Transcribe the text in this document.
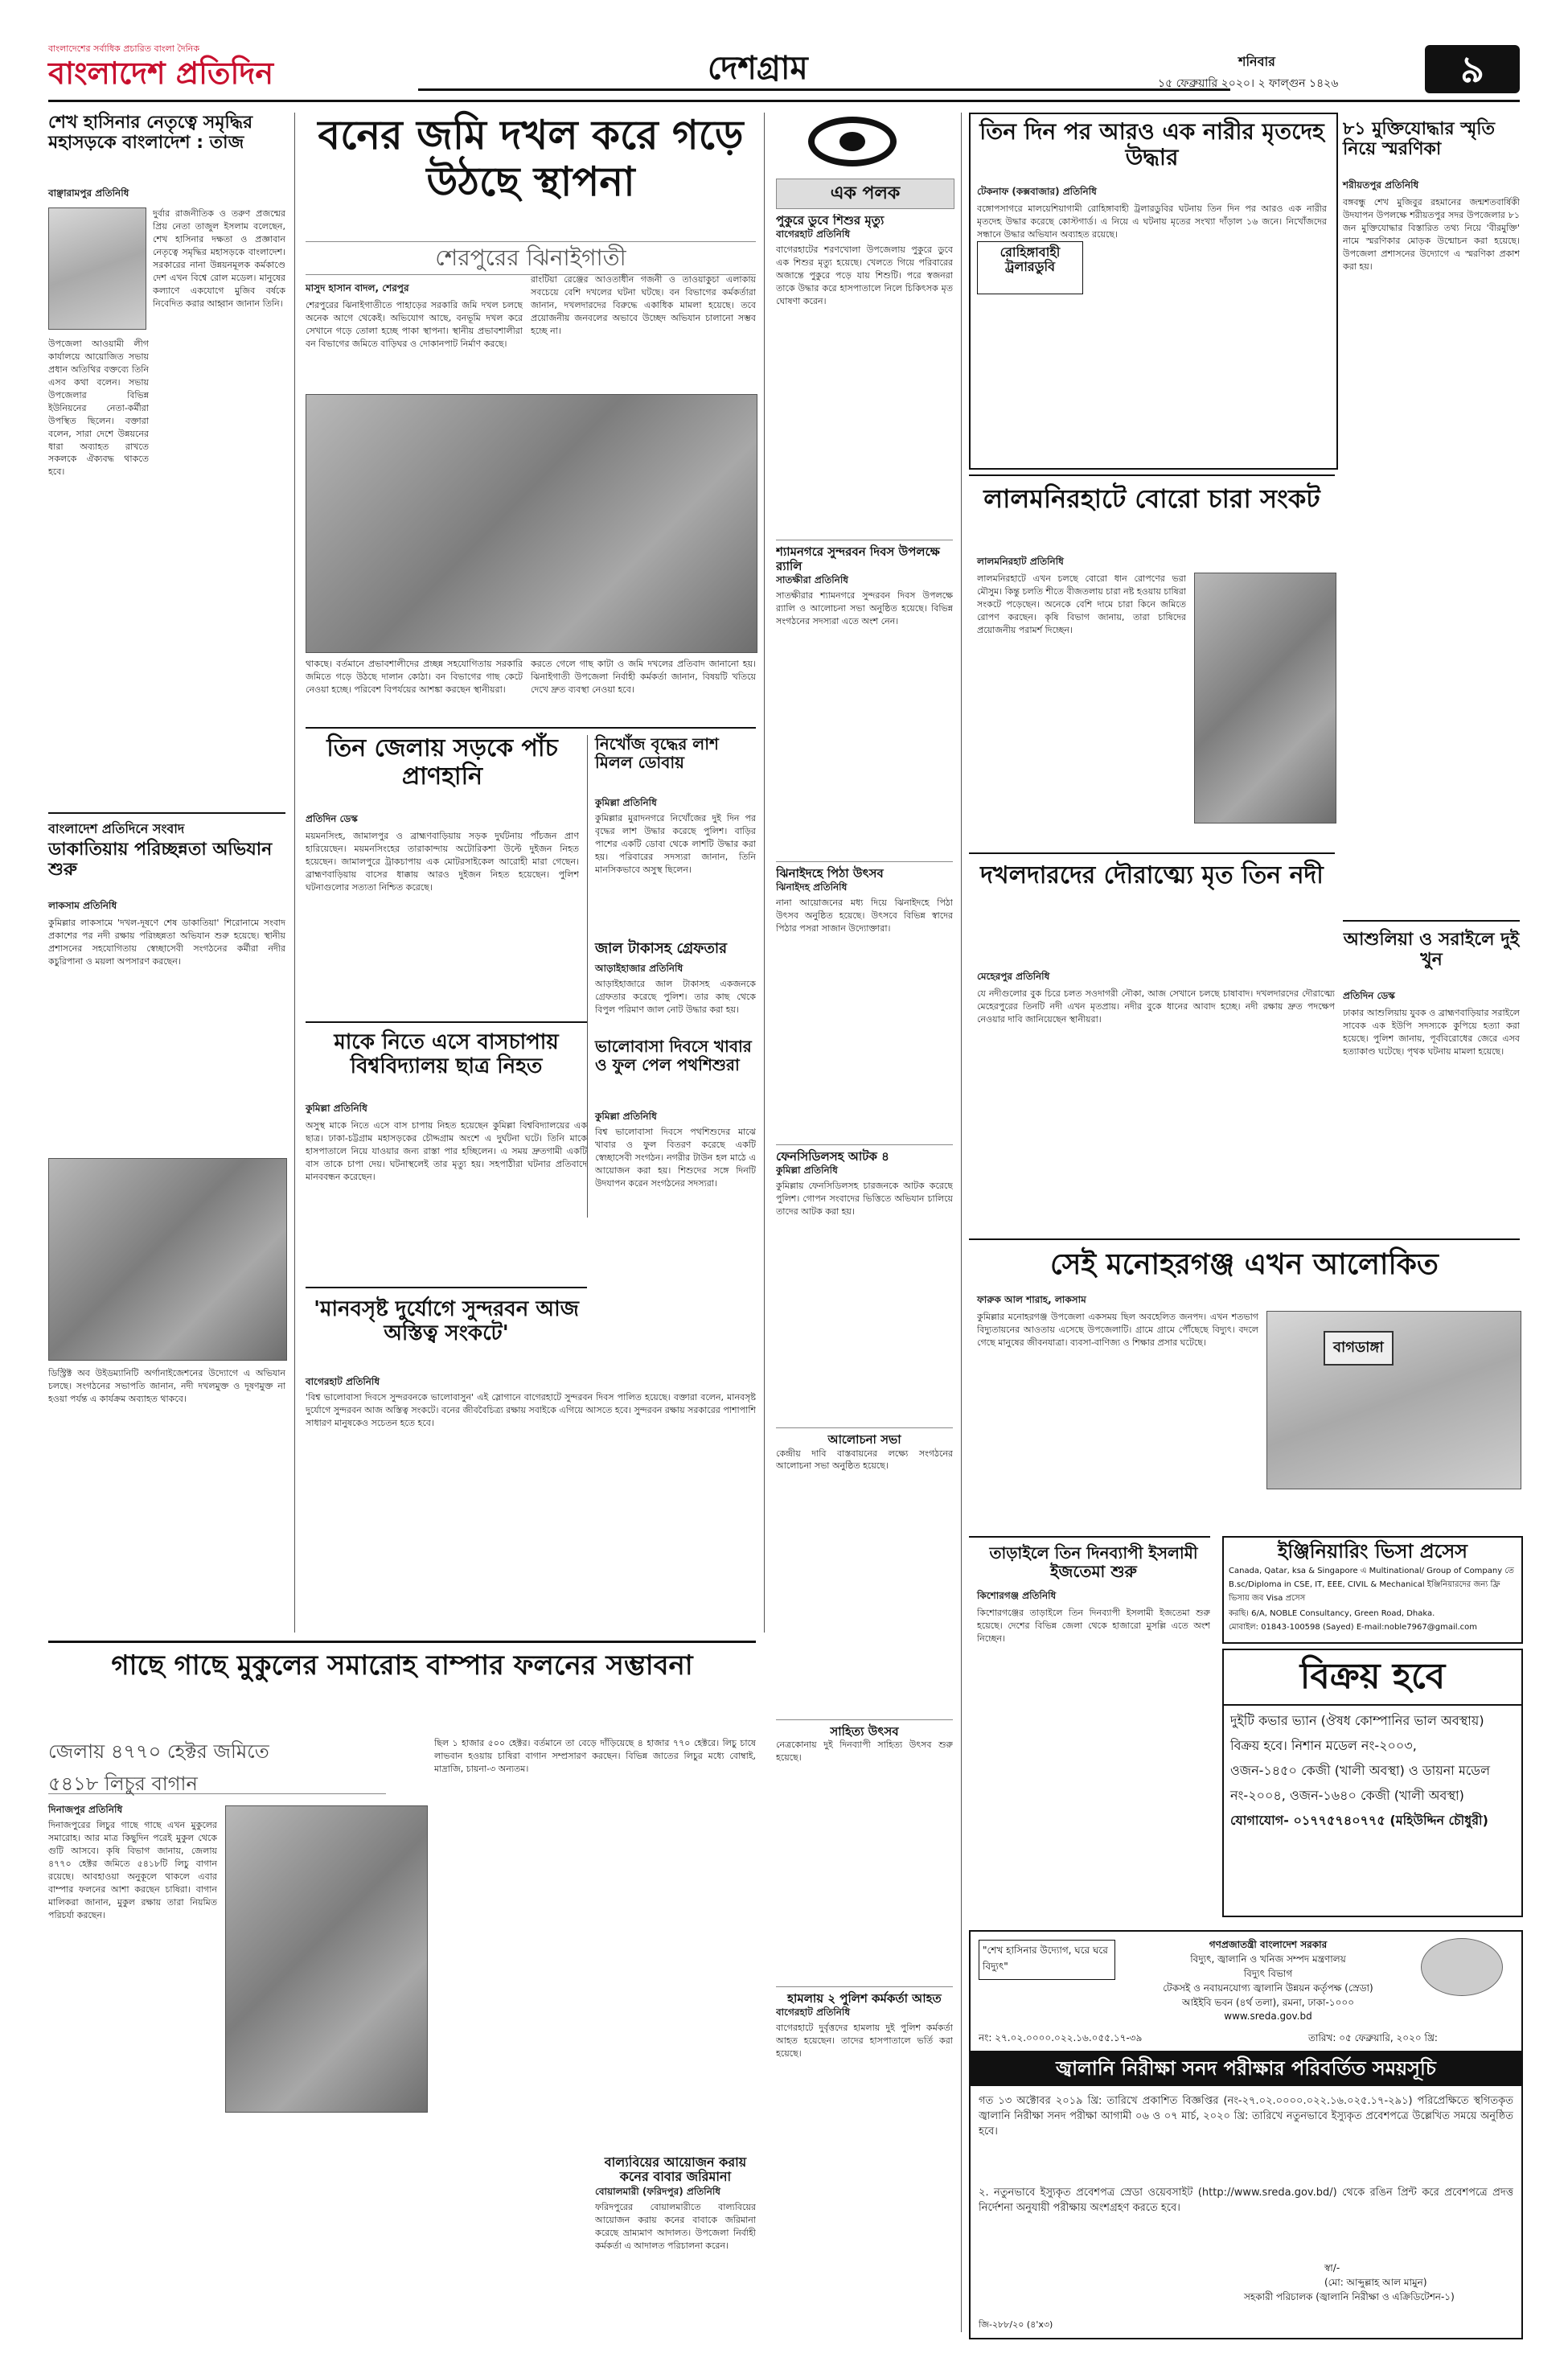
বাংলাদেশের সর্বাধিক প্রচারিত বাংলা দৈনিক
বাংলাদেশ প্রতিদিন	দেশগ্রাম	শনিবার
১৫ ফেব্রুয়ারি ২০২০। ২ ফাল্গুন ১৪২৬	৯
শেখ হাসিনার নেতৃত্বে সমৃদ্ধির মহাসড়কে বাংলাদেশ : তাজ
বাঞ্ছারামপুর প্রতিনিধি
দুর্বার রাজনীতিক ও তরুণ প্রজন্মের প্রিয় নেতা তাজুল ইসলাম বলেছেন, শেখ হাসিনার দক্ষতা ও প্রজ্ঞাবান নেতৃত্বে সমৃদ্ধির মহাসড়কে বাংলাদেশ। সরকারের নানা উন্নয়নমূলক কর্মকাণ্ডে দেশ এখন বিশ্বে রোল মডেল। মানুষের কল্যাণে একযোগে মুজিব বর্ষকে নিবেদিত করার আহ্বান জানান তিনি।
উপজেলা আওয়ামী লীগ কার্যালয়ে আয়োজিত সভায় প্রধান অতিথির বক্তব্যে তিনি এসব কথা বলেন। সভায় উপজেলার বিভিন্ন ইউনিয়নের নেতা-কর্মীরা উপস্থিত ছিলেন। বক্তারা বলেন, সারা দেশে উন্নয়নের ধারা অব্যাহত রাখতে সকলকে ঐক্যবদ্ধ থাকতে হবে।
বাংলাদেশ প্রতিদিনে সংবাদ
ডাকাতিয়ায় পরিচ্ছন্নতা অভিযান শুরু
লাকসাম প্রতিনিধি
কুমিল্লার লাকসামে 'দখল-দূষণে শেষ ডাকাতিয়া' শিরোনামে সংবাদ প্রকাশের পর নদী রক্ষায় পরিচ্ছন্নতা অভিযান শুরু হয়েছে। স্থানীয় প্রশাসনের সহযোগিতায় স্বেচ্ছাসেবী সংগঠনের কর্মীরা নদীর কচুরিপানা ও ময়লা অপসারণ করছেন।
ডিস্ট্রিক্ট অব উইডম্যানিটি অর্গানাইজেশনের উদ্যোগে এ অভিযান চলছে। সংগঠনের সভাপতি জানান, নদী দখলমুক্ত ও দূষণমুক্ত না হওয়া পর্যন্ত এ কার্যক্রম অব্যাহত থাকবে।
বনের জমি দখল করে গড়ে উঠছে স্থাপনা
শেরপুরের ঝিনাইগাতী
মাসুদ হাসান বাদল, শেরপুর
শেরপুরের ঝিনাইগাতীতে পাহাড়ের সরকারি জমি দখল চলছে অনেক আগে থেকেই। অভিযোগ আছে, বনভূমি দখল করে সেখানে গড়ে তোলা হচ্ছে পাকা স্থাপনা। স্থানীয় প্রভাবশালীরা বন বিভাগের জমিতে বাড়িঘর ও দোকানপাট নির্মাণ করছে।
রাংটিয়া রেঞ্জের আওতাধীন গজনী ও তাওয়াকুচা এলাকায় সবচেয়ে বেশি দখলের ঘটনা ঘটছে। বন বিভাগের কর্মকর্তারা জানান, দখলদারদের বিরুদ্ধে একাধিক মামলা হয়েছে। তবে প্রয়োজনীয় জনবলের অভাবে উচ্ছেদ অভিযান চালানো সম্ভব হচ্ছে না।
থাকছে। বর্তমানে প্রভাবশালীদের প্রচ্ছন্ন সহযোগিতায় সরকারি জমিতে গড়ে উঠছে দালান কোঠা। বন বিভাগের গাছ কেটে নেওয়া হচ্ছে। পরিবেশ বিপর্যয়ের আশঙ্কা করছেন স্থানীয়রা।
করতে গেলে গাছ কাটা ও জমি দখলের প্রতিবাদ জানানো হয়। ঝিনাইগাতী উপজেলা নির্বাহী কর্মকর্তা জানান, বিষয়টি খতিয়ে দেখে দ্রুত ব্যবস্থা নেওয়া হবে।
তিন জেলায় সড়কে পাঁচ প্রাণহানি
প্রতিদিন ডেস্ক
ময়মনসিংহ, জামালপুর ও ব্রাহ্মণবাড়িয়ায় সড়ক দুর্ঘটনায় পাঁচজন প্রাণ হারিয়েছেন। ময়মনসিংহের তারাকান্দায় অটোরিকশা উল্টে দুইজন নিহত হয়েছেন। জামালপুরে ট্রাকচাপায় এক মোটরসাইকেল আরোহী মারা গেছেন। ব্রাহ্মণবাড়িয়ায় বাসের ধাক্কায় আরও দুইজন নিহত হয়েছেন। পুলিশ ঘটনাগুলোর সত্যতা নিশ্চিত করেছে।
নিখোঁজ বৃদ্ধের লাশ মিলল ডোবায়
কুমিল্লা প্রতিনিধি
কুমিল্লার মুরাদনগরে নিখোঁজের দুই দিন পর বৃদ্ধের লাশ উদ্ধার করেছে পুলিশ। বাড়ির পাশের একটি ডোবা থেকে লাশটি উদ্ধার করা হয়। পরিবারের সদস্যরা জানান, তিনি মানসিকভাবে অসুস্থ ছিলেন।
জাল টাকাসহ গ্রেফতার
আড়াইহাজার প্রতিনিধি
আড়াইহাজারে জাল টাকাসহ একজনকে গ্রেফতার করেছে পুলিশ। তার কাছ থেকে বিপুল পরিমাণ জাল নোট উদ্ধার করা হয়।
মাকে নিতে এসে বাসচাপায় বিশ্ববিদ্যালয় ছাত্র নিহত
কুমিল্লা প্রতিনিধি
অসুস্থ মাকে নিতে এসে বাস চাপায় নিহত হয়েছেন কুমিল্লা বিশ্ববিদ্যালয়ের এক ছাত্র। ঢাকা-চট্টগ্রাম মহাসড়কের চৌদ্দগ্রাম অংশে এ দুর্ঘটনা ঘটে। তিনি মাকে হাসপাতালে নিয়ে যাওয়ার জন্য রাস্তা পার হচ্ছিলেন। এ সময় দ্রুতগামী একটি বাস তাকে চাপা দেয়। ঘটনাস্থলেই তার মৃত্যু হয়। সহপাঠীরা ঘটনার প্রতিবাদে মানববন্ধন করেছেন।
ভালোবাসা দিবসে খাবার ও ফুল পেল পথশিশুরা
কুমিল্লা প্রতিনিধি
বিশ্ব ভালোবাসা দিবসে পথশিশুদের মাঝে খাবার ও ফুল বিতরণ করেছে একটি স্বেচ্ছাসেবী সংগঠন। নগরীর টাউন হল মাঠে এ আয়োজন করা হয়। শিশুদের সঙ্গে দিনটি উদযাপন করেন সংগঠনের সদস্যরা।
'মানবসৃষ্ট দুর্যোগে সুন্দরবন আজ অস্তিত্ব সংকটে'
বাগেরহাট প্রতিনিধি
'বিশ্ব ভালোবাসা দিবসে সুন্দরবনকে ভালোবাসুন' এই স্লোগানে বাগেরহাটে সুন্দরবন দিবস পালিত হয়েছে। বক্তারা বলেন, মানবসৃষ্ট দুর্যোগে সুন্দরবন আজ অস্তিত্ব সংকটে। বনের জীববৈচিত্র্য রক্ষায় সবাইকে এগিয়ে আসতে হবে। সুন্দরবন রক্ষায় সরকারের পাশাপাশি সাধারণ মানুষকেও সচেতন হতে হবে।
গাছে গাছে মুকুলের সমারোহ বাম্পার ফলনের সম্ভাবনা
জেলায় ৪৭৭০ হেক্টর জমিতে
৫৪১৮ লিচুর বাগান
দিনাজপুর প্রতিনিধি
দিনাজপুরের লিচুর গাছে গাছে এখন মুকুলের সমারোহ। আর মাত্র কিছুদিন পরেই মুকুল থেকে গুটি আসবে। কৃষি বিভাগ জানায়, জেলায় ৪৭৭০ হেক্টর জমিতে ৫৪১৮টি লিচু বাগান রয়েছে। আবহাওয়া অনুকূলে থাকলে এবার বাম্পার ফলনের আশা করছেন চাষিরা। বাগান মালিকরা জানান, মুকুল রক্ষায় তারা নিয়মিত পরিচর্যা করছেন।
ছিল ১ হাজার ৫০০ হেক্টর। বর্তমানে তা বেড়ে দাঁড়িয়েছে ৪ হাজার ৭৭০ হেক্টরে। লিচু চাষে লাভবান হওয়ায় চাষিরা বাগান সম্প্রসারণ করছেন। বিভিন্ন জাতের লিচুর মধ্যে বোম্বাই, মাদ্রাজি, চায়না-৩ অন্যতম।
এক পলক
পুকুরে ডুবে শিশুর মৃত্যু
বাগেরহাট প্রতিনিধি
বাগেরহাটের শরণখোলা উপজেলায় পুকুরে ডুবে এক শিশুর মৃত্যু হয়েছে। খেলতে গিয়ে পরিবারের অজান্তে পুকুরে পড়ে যায় শিশুটি। পরে স্বজনরা তাকে উদ্ধার করে হাসপাতালে নিলে চিকিৎসক মৃত ঘোষণা করেন।
শ্যামনগরে সুন্দরবন দিবস উপলক্ষে র‌্যালি
সাতক্ষীরা প্রতিনিধি
সাতক্ষীরার শ্যামনগরে সুন্দরবন দিবস উপলক্ষে র‌্যালি ও আলোচনা সভা অনুষ্ঠিত হয়েছে। বিভিন্ন সংগঠনের সদস্যরা এতে অংশ নেন।
ঝিনাইদহে পিঠা উৎসব
ঝিনাইদহ প্রতিনিধি
নানা আয়োজনের মধ্য দিয়ে ঝিনাইদহে পিঠা উৎসব অনুষ্ঠিত হয়েছে। উৎসবে বিভিন্ন স্বাদের পিঠার পসরা সাজান উদ্যোক্তারা।
ফেনসিডিলসহ আটক ৪
কুমিল্লা প্রতিনিধি
কুমিল্লায় ফেনসিডিলসহ চারজনকে আটক করেছে পুলিশ। গোপন সংবাদের ভিত্তিতে অভিযান চালিয়ে তাদের আটক করা হয়।
আলোচনা সভা
কেন্দ্রীয় দাবি বাস্তবায়নের লক্ষ্যে সংগঠনের আলোচনা সভা অনুষ্ঠিত হয়েছে।
সাহিত্য উৎসব
নেত্রকোনায় দুই দিনব্যাপী সাহিত্য উৎসব শুরু হয়েছে।
হামলায় ২ পুলিশ কর্মকর্তা আহত
বাগেরহাট প্রতিনিধি
বাগেরহাটে দুর্বৃত্তদের হামলায় দুই পুলিশ কর্মকর্তা আহত হয়েছেন। তাদের হাসপাতালে ভর্তি করা হয়েছে।
তিন দিন পর আরও এক নারীর মৃতদেহ উদ্ধার
টেকনাফ (কক্সবাজার) প্রতিনিধি
বঙ্গোপসাগরে মালয়েশিয়াগামী রোহিঙ্গাবাহী ট্রলারডুবির ঘটনায় তিন দিন পর আরও এক নারীর মৃতদেহ উদ্ধার করেছে কোস্টগার্ড। এ নিয়ে এ ঘটনায় মৃতের সংখ্যা দাঁড়াল ১৬ জনে। নিখোঁজদের সন্ধানে উদ্ধার অভিযান অব্যাহত রয়েছে।
রোহিঙ্গাবাহী ট্রলারডুবি
৮১ মুক্তিযোদ্ধার স্মৃতি নিয়ে স্মরণিকা
শরীয়তপুর প্রতিনিধি
বঙ্গবন্ধু শেখ মুজিবুর রহমানের জন্মশতবার্ষিকী উদযাপন উপলক্ষে শরীয়তপুর সদর উপজেলার ৮১ জন মুক্তিযোদ্ধার বিস্তারিত তথ্য নিয়ে 'বীরমুক্তি' নামে স্মরণিকার মোড়ক উন্মোচন করা হয়েছে। উপজেলা প্রশাসনের উদ্যোগে এ স্মরণিকা প্রকাশ করা হয়।
লালমনিরহাটে বোরো চারা সংকট
লালমনিরহাট প্রতিনিধি
লালমনিরহাটে এখন চলছে বোরো ধান রোপণের ভরা মৌসুম। কিন্তু চলতি শীতে বীজতলায় চারা নষ্ট হওয়ায় চাষিরা সংকটে পড়েছেন। অনেকে বেশি দামে চারা কিনে জমিতে রোপণ করছেন। কৃষি বিভাগ জানায়, তারা চাষিদের প্রয়োজনীয় পরামর্শ দিচ্ছেন।
দখলদারদের দৌরাত্ম্যে মৃত তিন নদী
মেহেরপুর প্রতিনিধি
যে নদীগুলোর বুক চিরে চলত সওদাগরী নৌকা, আজ সেখানে চলছে চাষাবাদ। দখলদারদের দৌরাত্ম্যে মেহেরপুরের তিনটি নদী এখন মৃতপ্রায়। নদীর বুকে ধানের আবাদ হচ্ছে। নদী রক্ষায় দ্রুত পদক্ষেপ নেওয়ার দাবি জানিয়েছেন স্থানীয়রা।
আশুলিয়া ও সরাইলে দুই খুন
প্রতিদিন ডেস্ক
ঢাকার আশুলিয়ায় যুবক ও ব্রাহ্মণবাড়িয়ার সরাইলে সাবেক এক ইউপি সদস্যকে কুপিয়ে হত্যা করা হয়েছে। পুলিশ জানায়, পূর্ববিরোধের জেরে এসব হত্যাকাণ্ড ঘটেছে। পৃথক ঘটনায় মামলা হয়েছে।
সেই মনোহরগঞ্জ এখন আলোকিত
ফারুক আল শারাহ, লাকসাম
কুমিল্লার মনোহরগঞ্জ উপজেলা একসময় ছিল অবহেলিত জনপদ। এখন শতভাগ বিদ্যুতায়নের আওতায় এসেছে উপজেলাটি। গ্রামে গ্রামে পৌঁছেছে বিদ্যুৎ। বদলে গেছে মানুষের জীবনযাত্রা। ব্যবসা-বাণিজ্য ও শিক্ষার প্রসার ঘটেছে।	বাগডাঙ্গা
তাড়াইলে তিন দিনব্যাপী ইসলামী ইজতেমা শুরু
কিশোরগঞ্জ প্রতিনিধি
কিশোরগঞ্জের তাড়াইলে তিন দিনব্যাপী ইসলামী ইজতেমা শুরু হয়েছে। দেশের বিভিন্ন জেলা থেকে হাজারো মুসল্লি এতে অংশ নিচ্ছেন।
ইঞ্জিনিয়ারিং ভিসা প্রসেস
Canada, Qatar, ksa & Singapore এ Multinational/ Group of Company তে B.sc/Diploma in CSE, IT, EEE, CIVIL & Mechanical ইঞ্জিনিয়ারদের জন্য ফ্রি ভিসায় জব Visa প্রসেস
করছি। 6/A, NOBLE Consultancy, Green Road, Dhaka.
মোবাইল: 01843-100598 (Sayed) E-mail:noble7967@gmail.com
বিক্রয় হবে
দুইটি কভার ভ্যান (ঔষধ কোম্পানির ভাল অবস্থায়)
বিক্রয় হবে। নিশান মডেল নং-২০০৩,
ওজন-১৪৫০ কেজী (খালী অবস্থা) ও ডায়না মডেল
নং-২০০৪, ওজন-১৬৪০ কেজী (খালী অবস্থা)
যোগাযোগ- ০১৭৭৫৭৪০৭৭৫ (মহিউদ্দিন চৌধুরী)
"শেখ হাসিনার উদ্যোগ, ঘরে ঘরে বিদ্যুৎ"
গণপ্রজাতন্ত্রী বাংলাদেশ সরকার
বিদ্যুৎ, জ্বালানি ও খনিজ সম্পদ মন্ত্রণালয়
বিদ্যুৎ বিভাগ
টেকসই ও নবায়নযোগ্য জ্বালানি উন্নয়ন কর্তৃপক্ষ (স্রেডা)
আইইবি ভবন (৪র্থ তলা), রমনা, ঢাকা-১০০০
www.sreda.gov.bd
নং: ২৭.০২.০০০০.০২২.১৬.০৫৫.১৭-৩৯	তারিখ: ০৫ ফেব্রুয়ারি, ২০২০ খ্রি:
জ্বালানি নিরীক্ষা সনদ পরীক্ষার পরিবর্তিত সময়সূচি
গত ১৩ অক্টোবর ২০১৯ খ্রি: তারিখে প্রকাশিত বিজ্ঞপ্তির (নং-২৭.০২.০০০০.০২২.১৬.০২৫.১৭-২৯১) পরিপ্রেক্ষিতে স্থগিতকৃত জ্বালানি নিরীক্ষা সনদ পরীক্ষা আগামী ০৬ ও ০৭ মার্চ, ২০২০ খ্রি: তারিখে নতুনভাবে ইস্যুকৃত প্রবেশপত্রে উল্লেখিত সময়ে অনুষ্ঠিত হবে।
২. নতুনভাবে ইস্যুকৃত প্রবেশপত্র স্রেডা ওয়েবসাইট (http://www.sreda.gov.bd/) থেকে রঙিন প্রিন্ট করে প্রবেশপত্রে প্রদত্ত নির্দেশনা অনুযায়ী পরীক্ষায় অংশগ্রহণ করতে হবে।
স্বা/-
(মো: আব্দুল্লাহ আল মামুন)
সহকারী পরিচালক (জ্বালানি নিরীক্ষা ও এক্রিডিটেশন-১)
জি-২৮৮/২০ (৪'x৩)
বাল্যবিয়ের আয়োজন করায় কনের বাবার জরিমানা
বোয়ালমারী (ফরিদপুর) প্রতিনিধি
ফরিদপুরের বোয়ালমারীতে বাল্যবিয়ের আয়োজন করায় কনের বাবাকে জরিমানা করেছে ভ্রাম্যমাণ আদালত। উপজেলা নির্বাহী কর্মকর্তা এ আদালত পরিচালনা করেন।
